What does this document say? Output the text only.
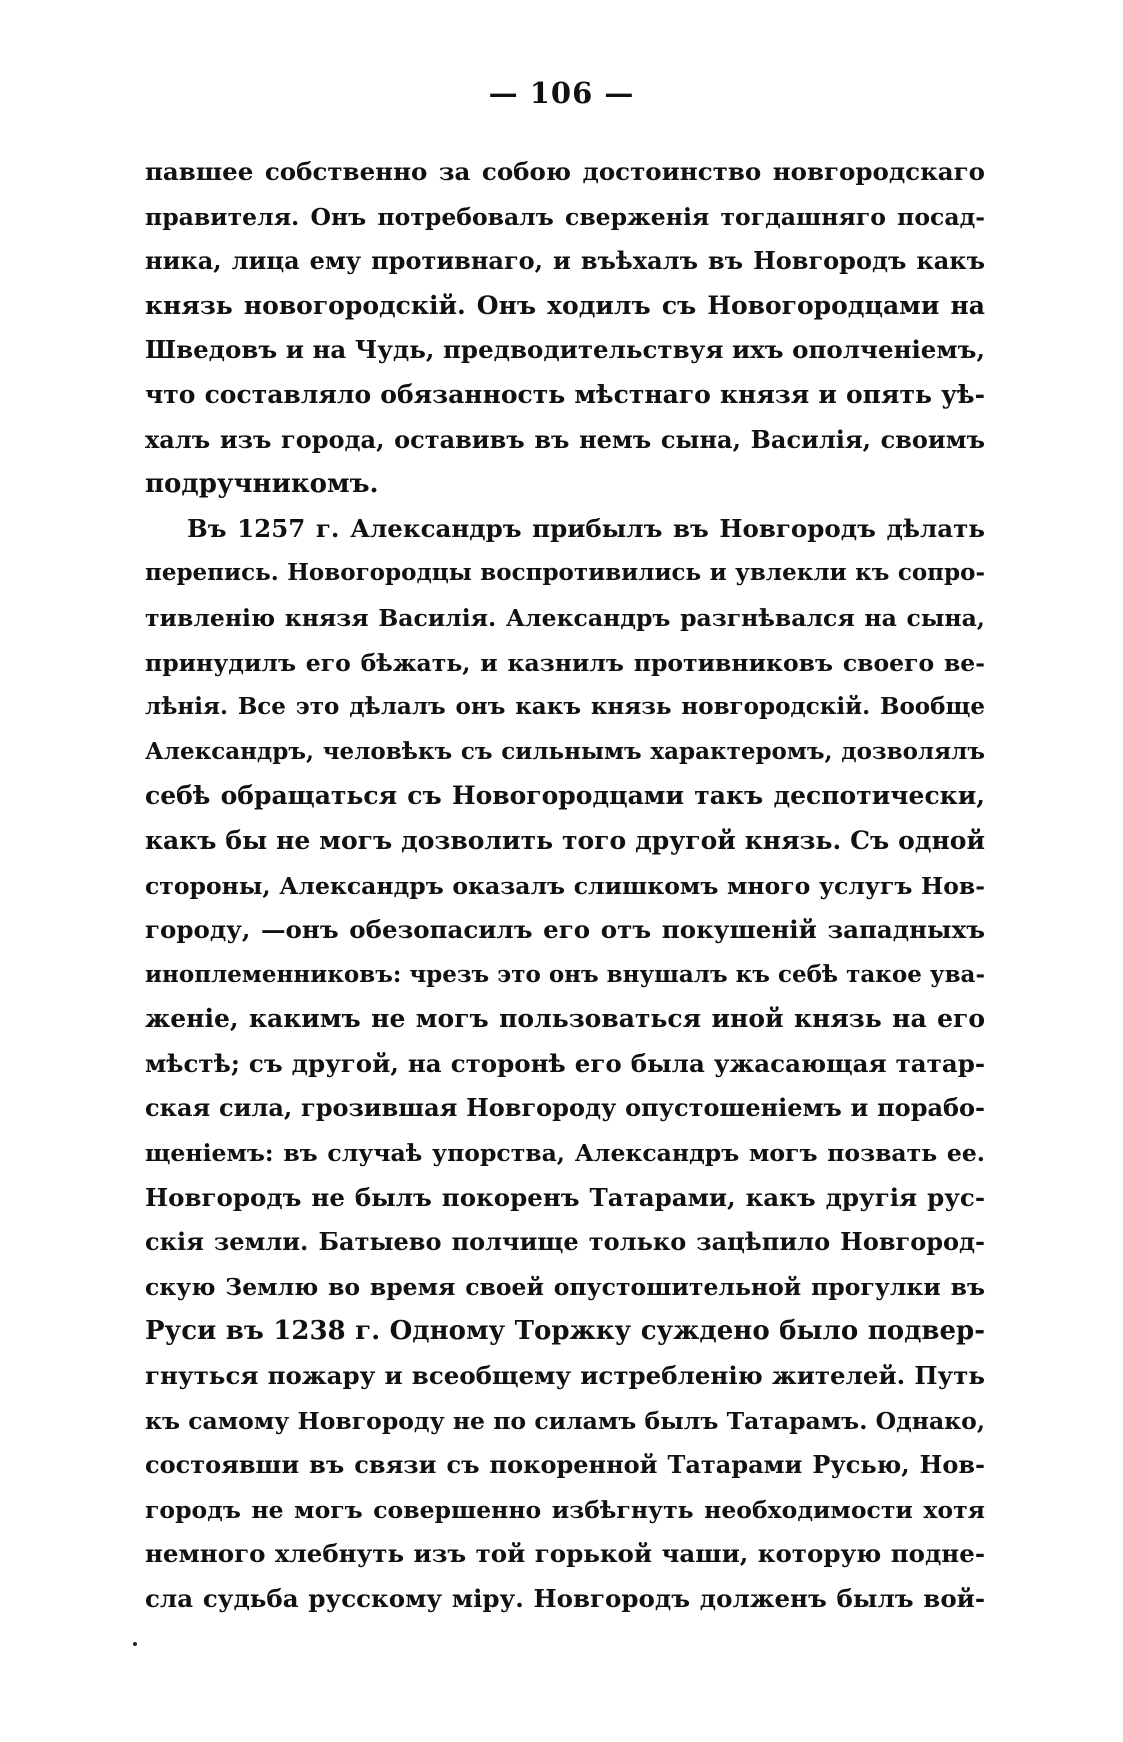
— 106 —
павшее собственно за собою достоинство новгородскаго
правителя. Онъ потребовалъ сверженія тогдашняго посад-
ника, лица ему противнаго, и въѣхалъ въ Новгородъ какъ
князь новогородскій. Онъ ходилъ съ Новогородцами на
Шведовъ и на Чудь, предводительствуя ихъ ополченіемъ,
что составляло обязанность мѣстнаго князя и опять уѣ-
халъ изъ города, оставивъ въ немъ сына, Василія, своимъ
подручникомъ.
Въ 1257 г. Александръ прибылъ въ Новгородъ дѣлать
перепись. Новогородцы воспротивились и увлекли къ сопро-
тивленію князя Василія. Александръ разгнѣвался на сына,
принудилъ его бѣжать, и казнилъ противниковъ своего ве-
лѣнія. Все это дѣлалъ онъ какъ князь новгородскій. Вообще
Александръ, человѣкъ съ сильнымъ характеромъ, дозволялъ
себѣ обращаться съ Новогородцами такъ деспотически,
какъ бы не могъ дозволить того другой князь. Съ одной
стороны, Александръ оказалъ слишкомъ много услугъ Нов-
городу, —онъ обезопасилъ его отъ покушеній западныхъ
иноплеменниковъ: чрезъ это онъ внушалъ къ себѣ такое ува-
женіе, какимъ не могъ пользоваться иной князь на его
мѣстѣ; съ другой, на сторонѣ его была ужасающая татар-
ская сила, грозившая Новгороду опустошеніемъ и порабо-
щеніемъ: въ случаѣ упорства, Александръ могъ позвать ее.
Новгородъ не былъ покоренъ Татарами, какъ другія рус-
скія земли. Батыево полчище только зацѣпило Новгород-
скую Землю во время своей опустошительной прогулки въ
Руси въ 1238 г. Одному Торжку суждено было подвер-
гнуться пожару и всеобщему истребленію жителей. Путь
къ самому Новгороду не по силамъ былъ Татарамъ. Однако,
состоявши въ связи съ покоренной Татарами Русью, Нов-
городъ не могъ совершенно избѣгнуть необходимости хотя
немного хлебнуть изъ той горькой чаши, которую подне-
сла судьба русскому міру. Новгородъ долженъ былъ вой-
